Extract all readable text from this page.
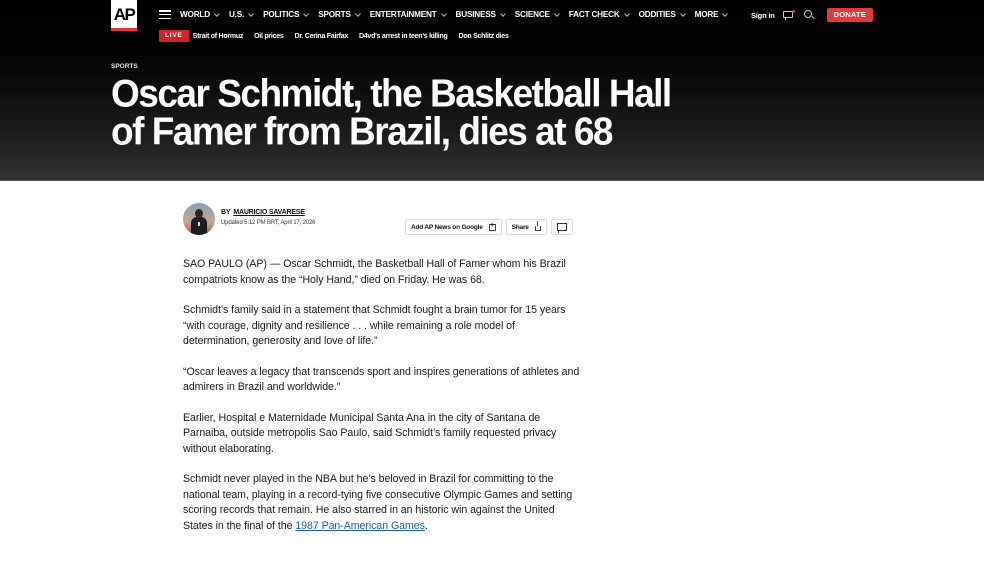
AP	WORLD U.S. POLITICS SPORTS ENTERTAINMENT BUSINESS SCIENCE FACT CHECK ODDITIES MORE	Sign in	DONATE
LIVE	Strait of Hormuz Oil prices Dr. Cerina Fairfax D4vd's arrest in teen's killing Don Schlitz dies
SPORTS
Oscar Schmidt, the Basketball Hall of Famer from Brazil, dies at 68
BY MAURICIO SAVARESE
Updated 5:12 PM BRT, April 17, 2026
Add AP News on Google +	Share

SAO PAULO (AP) — Oscar Schmidt, the Basketball Hall of Famer whom his Brazil compatriots know as the “Holy Hand,” died on Friday. He was 68.

Schmidt’s family said in a statement that Schmidt fought a brain tumor for 15 years “with courage, dignity and resilience . . . while remaining a role model of determination, generosity and love of life.”

“Oscar leaves a legacy that transcends sport and inspires generations of athletes and admirers in Brazil and worldwide.”

Earlier, Hospital e Maternidade Municipal Santa Ana in the city of Santana de Parnaiba, outside metropolis Sao Paulo, said Schmidt’s family requested privacy without elaborating.

Schmidt never played in the NBA but he’s beloved in Brazil for committing to the national team, playing in a record-tying five consecutive Olympic Games and setting scoring records that remain. He also starred in an historic win against the United States in the final of the 1987 Pan-American Games.
